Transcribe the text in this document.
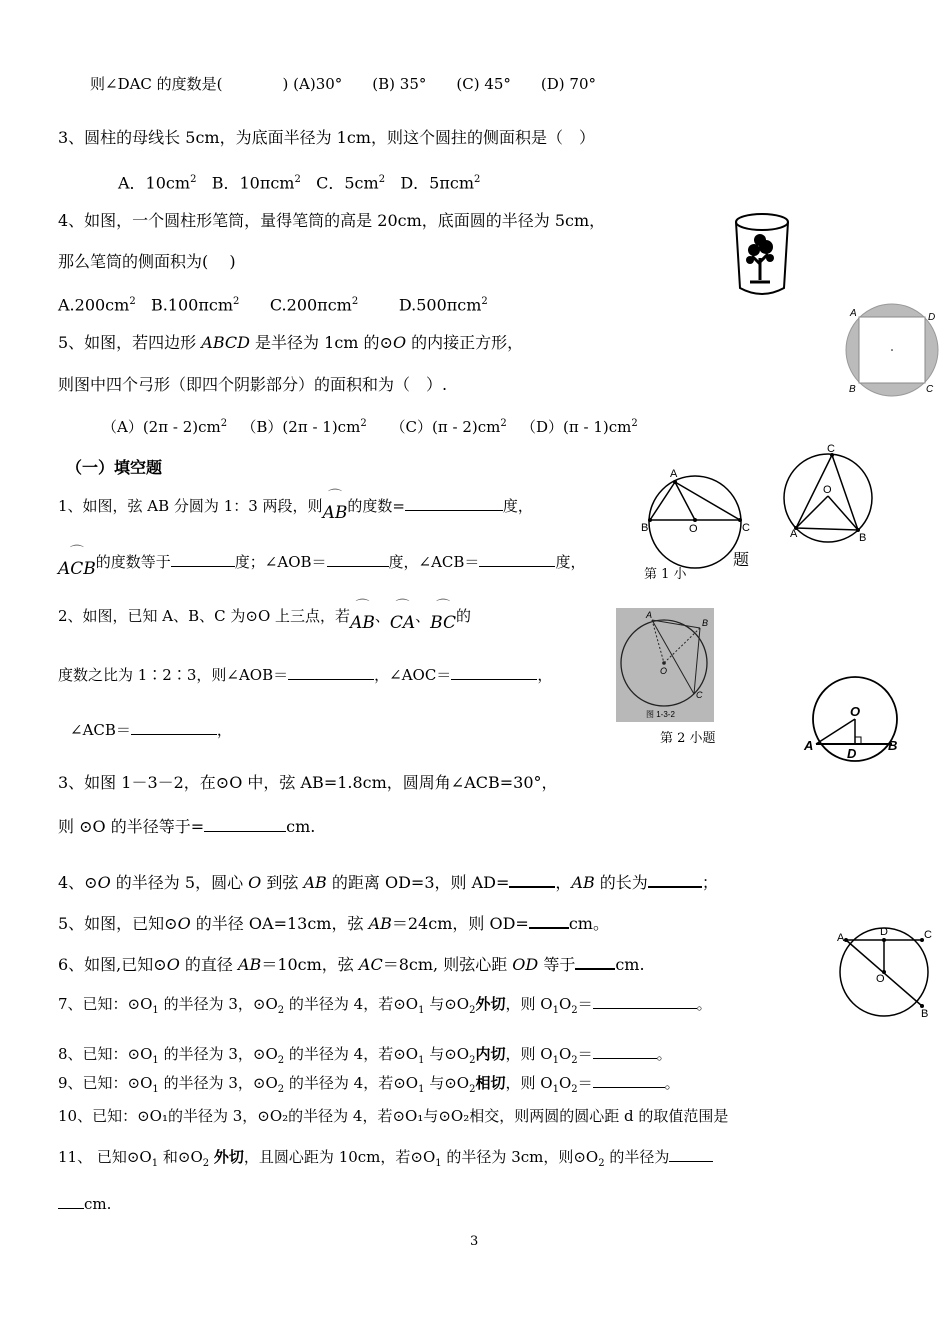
则∠DAC 的度数是(　　　　) (A)30°　　(B) 35°　　(C) 45°　　(D) 70°
3、圆柱的母线长 5cm，为底面半径为 1cm，则这个圆拄的侧面积是（　）
A．$10cm^2$ B．10πcm$^2$ C．$5cm^2$ D．5πcm$^2$
4、如图，一个圆柱形笔筒，量得笔筒的高是 20cm，底面圆的半径为 5cm，
那么笔筒的侧面积为(　 )
$A.200cm^2$ B.100πcm$^2$ C.200πcm$^2$	D.500πcm$^2$
5、如图，若四边形 ABCD 是半径为 1cm 的⊙O 的内接正方形，
则图中四个弓形（即四个阴影部分）的面积和为（　）.
$(A)(2\pi - 2)cm^2$ $(B)(2\pi - 1)cm^2$ $(C)(\pi - 2)cm^2$ $(D)(\pi - 1)cm^2$
A	D
B	C
（一）填空题
1、如图，弦 AB 分圆为 1：3 两段，则⌒ AB的度数=	度，
⌒ ACB的度数等于	度；∠AOB＝	度，∠ACB＝	度，	题
第 1 小
A
B	O	C
C
O
A	B
2、如图，已知 A、B、C 为⊙O 上三点，若⌒ AB、⌒ CA、⌒ BC的
度数之比为 1∶2∶3，则∠AOB＝	，∠AOC＝	，
∠ACB＝	，
A
B
O
C
图 1-3-2
第 2 小题
O
A
D
B
3、如图 1－3－2，在⊙O 中，弦 AB=1.8cm，圆周角∠ACB=30°，
则 ⊙O 的半径等于=	cm.
4、⊙O 的半径为 5，圆心 O 到弦 AB 的距离 OD=3，则 AD=	，AB 的长为	；
5、如图，已知⊙O 的半径 OA=13cm，弦 AB＝24cm，则 OD=	cm。
6、如图,已知⊙O 的直径 AB＝10cm，弦 AC＝8cm, 则弦心距 OD 等于	cm.
A	D	C
O
B
7、已知：$⊙O_1$ 的半径为 3，$⊙O_2$ 的半径为 4，若$⊙O_1$ 与$⊙O_2$外切，则 $O_1O_2=$	。
8、已知：$⊙O_1$ 的半径为 3，$⊙O_2$ 的半径为 4，若$⊙O_1$ 与$⊙O_2$内切，则 $O_1O_2=$	。
9、已知：$⊙O_1$ 的半径为 3，$⊙O_2$ 的半径为 4，若$⊙O_1$ 与$⊙O_2$相切，则 $O_1O_2=$	。
10、已知：⊙O₁的半径为 3，⊙O₂的半径为 4，若⊙O₁与⊙O₂相交，则两圆的圆心距 d 的取值范围是
11、 已知$⊙O_1$ 和$⊙O_2$ 外切，且圆心距为 10cm，若$⊙O_1$ 的半径为 3cm，则$⊙O_2$ 的半径为
cm.
3
